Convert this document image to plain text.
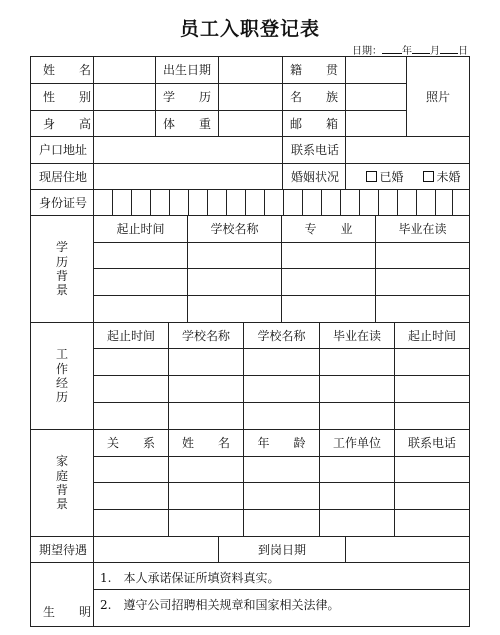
员工入职登记表
日期： 年 月 日
姓　　名	出生日期	籍　　贯
性　　别	学　　历	名　　族
身　　高	体　　重	邮　　箱
照片
户口地址	联系电话
现居住地	婚姻状况	已婚	未婚
身份证号
学历背景
起止时间	学校名称	专　　业	毕业在读
工作经历
起止时间	学校名称	学校名称	毕业在读	起止时间
家庭背景
关　　系	姓　　名	年　　龄	工作单位	联系电话
期望待遇	到岗日期
生　　明
1.　本人承诺保证所填资料真实。
2.　遵守公司招聘相关规章和国家相关法律。
